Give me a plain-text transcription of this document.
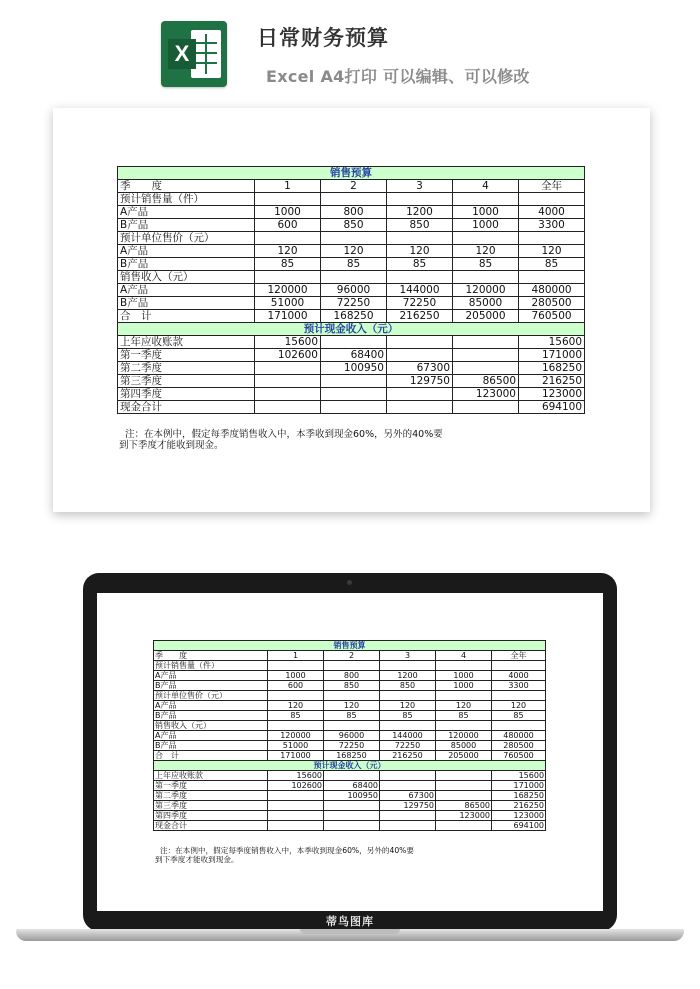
X
日常财务预算
Excel A4打印 可以编辑、可以修改
销售预算					
季　　度	1	2	3	4	全年
预计销售量（件）					
A产品	1000	800	1200	1000	4000
B产品	600	850	850	1000	3300
预计单位售价（元）					
A产品	120	120	120	120	120
B产品	85	85	85	85	85
销售收入（元）					
A产品	120000	96000	144000	120000	480000
B产品	51000	72250	72250	85000	280500
合　计	171000	168250	216250	205000	760500
预计现金收入（元）					
上年应收账款	15600				15600
第一季度	102600	68400			171000
第二季度		100950	67300		168250
第三季度			129750	86500	216250
第四季度				123000	123000
现金合计					694100
注：在本例中，假定每季度销售收入中，本季收到现金60%，另外的40%要
到下季度才能收到现金。
销售预算					
季　　度	1	2	3	4	全年
预计销售量（件）					
A产品	1000	800	1200	1000	4000
B产品	600	850	850	1000	3300
预计单位售价（元）					
A产品	120	120	120	120	120
B产品	85	85	85	85	85
销售收入（元）					
A产品	120000	96000	144000	120000	480000
B产品	51000	72250	72250	85000	280500
合　计	171000	168250	216250	205000	760500
预计现金收入（元）					
上年应收账款	15600				15600
第一季度	102600	68400			171000
第二季度		100950	67300		168250
第三季度			129750	86500	216250
第四季度				123000	123000
现金合计					694100
注：在本例中，假定每季度销售收入中，本季收到现金60%，另外的40%要
到下季度才能收到现金。
蒂鸟图库
